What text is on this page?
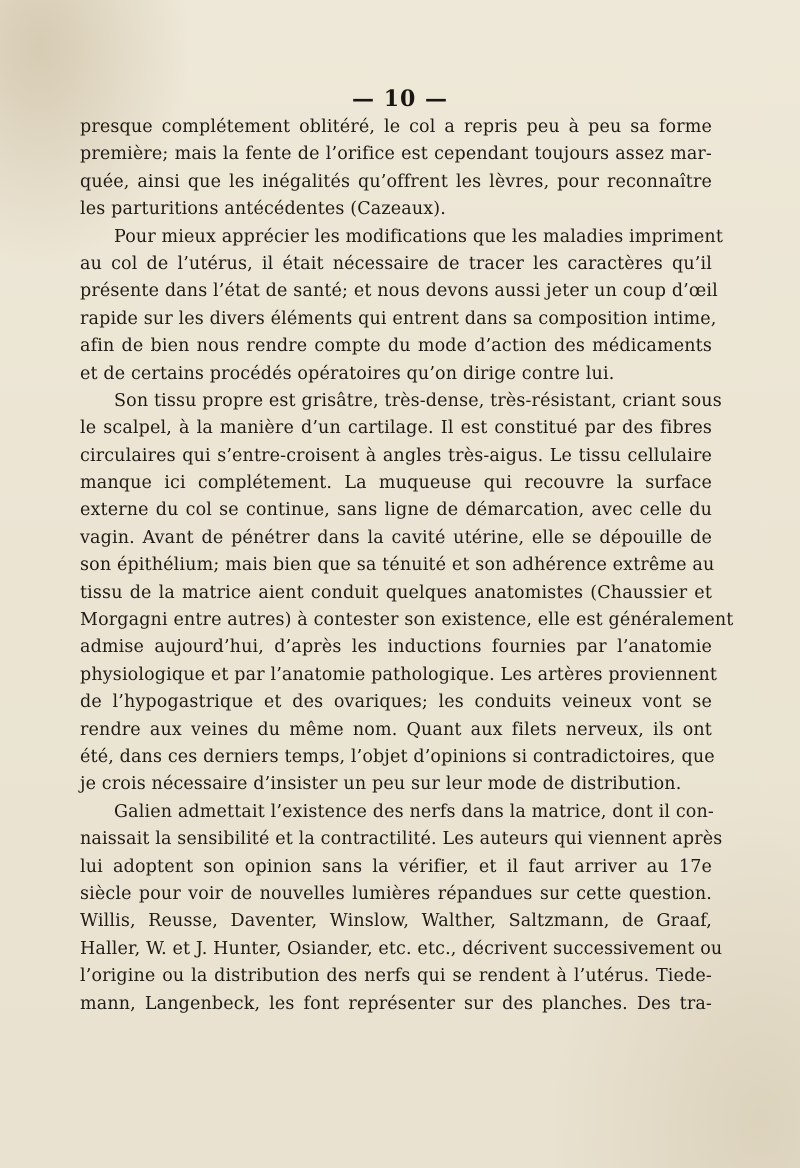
— 10 —
presque complétement oblitéré, le col a repris peu à peu sa forme
première; mais la fente de l’orifice est cependant toujours assez mar-
quée, ainsi que les inégalités qu’offrent les lèvres, pour reconnaître
les parturitions antécédentes (Cazeaux).
Pour mieux apprécier les modifications que les maladies impriment
au col de l’utérus, il était nécessaire de tracer les caractères qu’il
présente dans l’état de santé; et nous devons aussi jeter un coup d’œil
rapide sur les divers éléments qui entrent dans sa composition intime,
afin de bien nous rendre compte du mode d’action des médicaments
et de certains procédés opératoires qu’on dirige contre lui.
Son tissu propre est grisâtre, très-dense, très-résistant, criant sous
le scalpel, à la manière d’un cartilage. Il est constitué par des fibres
circulaires qui s’entre-croisent à angles très-aigus. Le tissu cellulaire
manque ici complétement. La muqueuse qui recouvre la surface
externe du col se continue, sans ligne de démarcation, avec celle du
vagin. Avant de pénétrer dans la cavité utérine, elle se dépouille de
son épithélium; mais bien que sa ténuité et son adhérence extrême au
tissu de la matrice aient conduit quelques anatomistes (Chaussier et
Morgagni entre autres) à contester son existence, elle est généralement
admise aujourd’hui, d’après les inductions fournies par l’anatomie
physiologique et par l’anatomie pathologique. Les artères proviennent
de l’hypogastrique et des ovariques; les conduits veineux vont se
rendre aux veines du même nom. Quant aux filets nerveux, ils ont
été, dans ces derniers temps, l’objet d’opinions si contradictoires, que
je crois nécessaire d’insister un peu sur leur mode de distribution.
Galien admettait l’existence des nerfs dans la matrice, dont il con-
naissait la sensibilité et la contractilité. Les auteurs qui viennent après
lui adoptent son opinion sans la vérifier, et il faut arriver au 17e
siècle pour voir de nouvelles lumières répandues sur cette question.
Willis, Reusse, Daventer, Winslow, Walther, Saltzmann, de Graaf,
Haller, W. et J. Hunter, Osiander, etc. etc., décrivent successivement ou
l’origine ou la distribution des nerfs qui se rendent à l’utérus. Tiede-
mann, Langenbeck, les font représenter sur des planches. Des tra-
